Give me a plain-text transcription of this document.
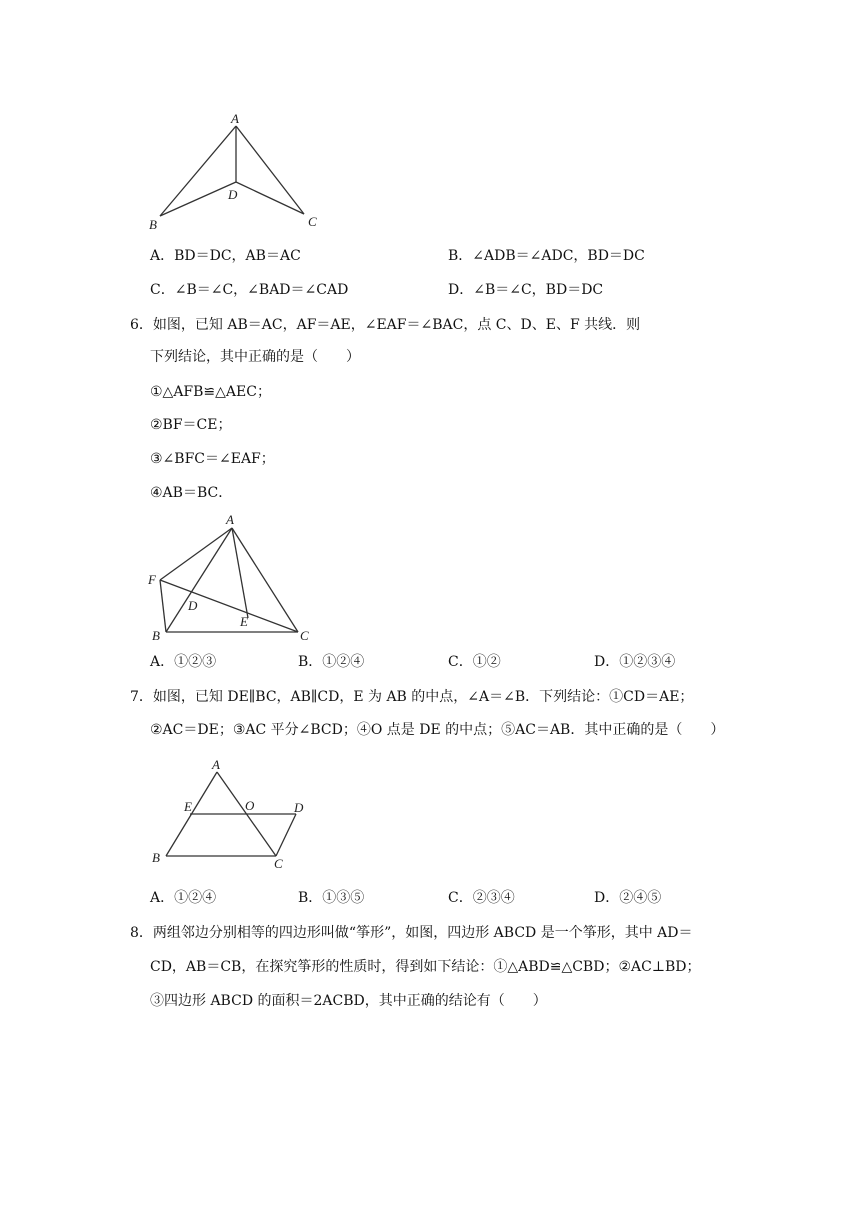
A
D
B	C
A．BD＝DC，AB＝AC	B．∠ADB＝∠ADC，BD＝DC
C．∠B＝∠C，∠BAD＝∠CAD	D．∠B＝∠C，BD＝DC
6．如图，已知 AB＝AC，AF＝AE，∠EAF＝∠BAC，点 C、D、E、F 共线．则
下列结论，其中正确的是（　　）
①△AFB≌△AEC；
②BF＝CE；
③∠BFC＝∠EAF；
④AB＝BC．
A
F
D
E
B	C
A．①②③	B．①②④	C．①②	D．①②③④
7．如图，已知 DE∥BC，AB∥CD，E 为 AB 的中点，∠A＝∠B．下列结论：①CD＝AE；
②AC＝DE；③AC 平分∠BCD；④O 点是 DE 的中点；⑤AC＝AB．其中正确的是（　　）
A
E	O	D
B	C
A．①②④	B．①③⑤	C．②③④	D．②④⑤
8．两组邻边分别相等的四边形叫做“筝形”，如图，四边形 ABCD 是一个筝形，其中 AD＝
CD，AB＝CB，在探究筝形的性质时，得到如下结论：①△ABD≌△CBD；②AC⊥BD；
③四边形 ABCD 的面积＝2ACBD，其中正确的结论有（　　）
